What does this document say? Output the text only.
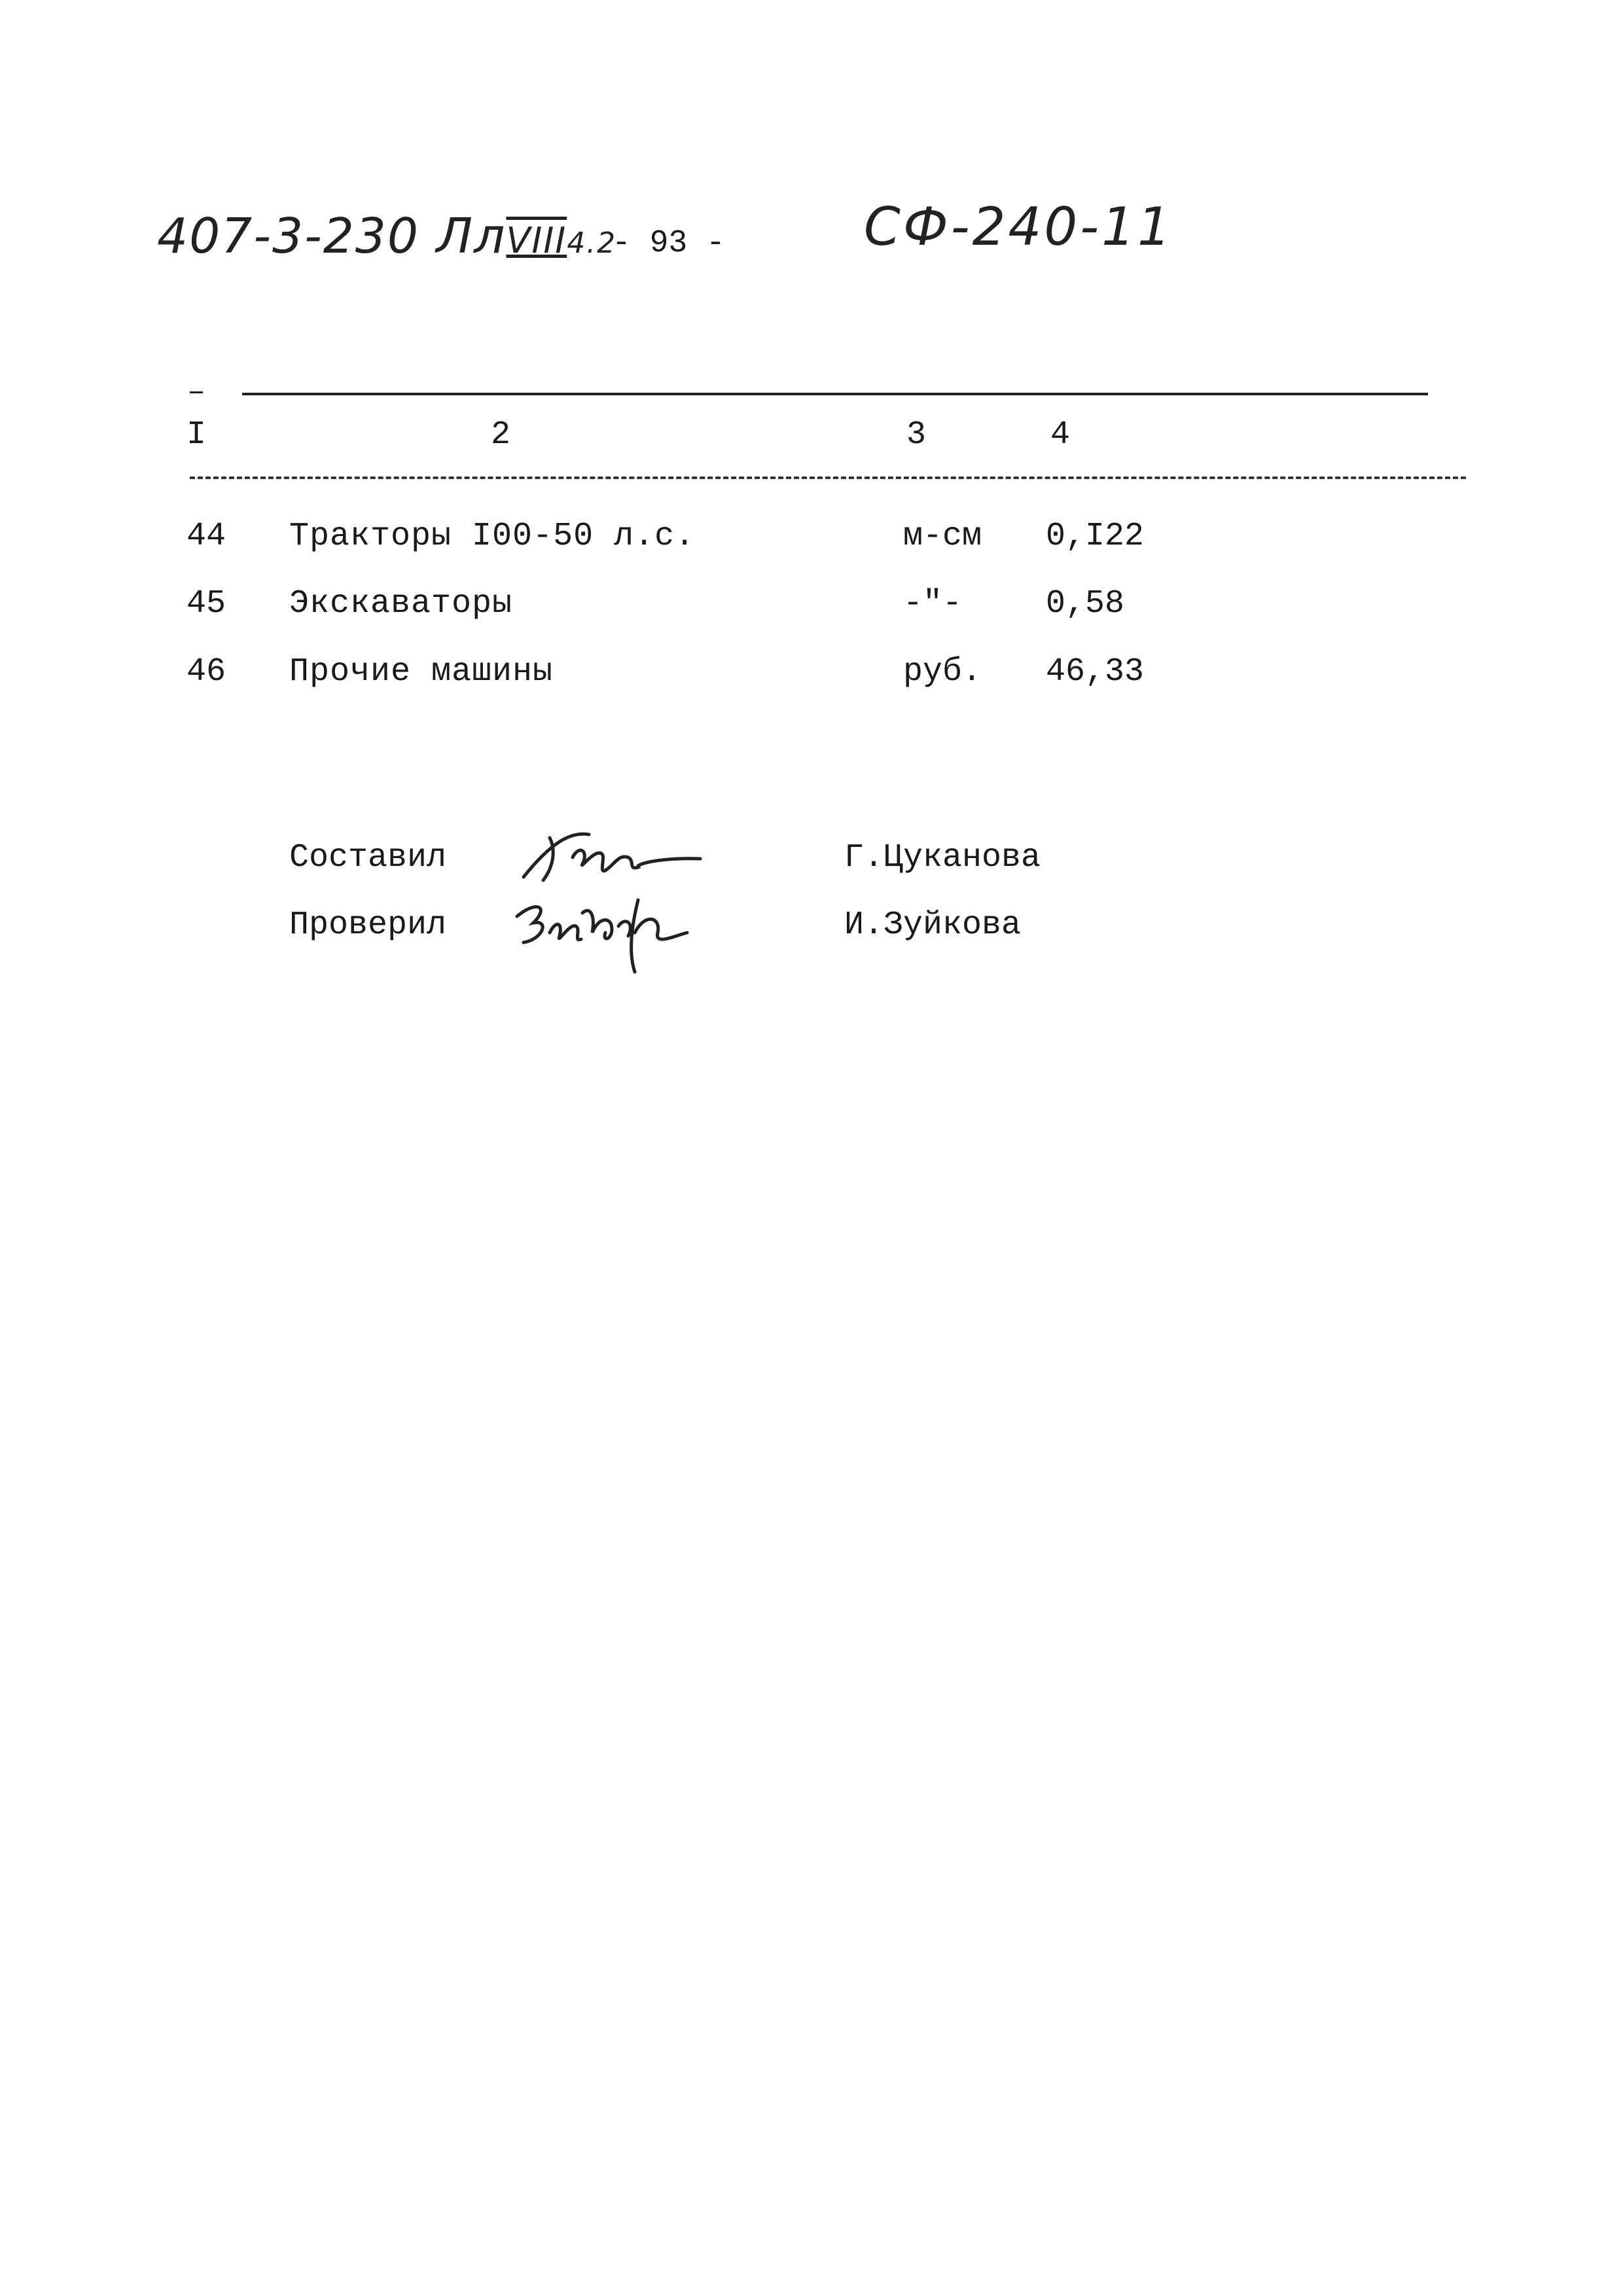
407-3-230 ЛлVIII4.2
- 93 -	СФ-240-11
I	2	3	4
44 Тракторы I00-50 л.с.	м-см 0,I22
45 Экскаваторы	-"-	0,58
46 Прочие машины	руб. 46,33
Составил	Г.Цуканова
Проверил	И.Зуйкова
